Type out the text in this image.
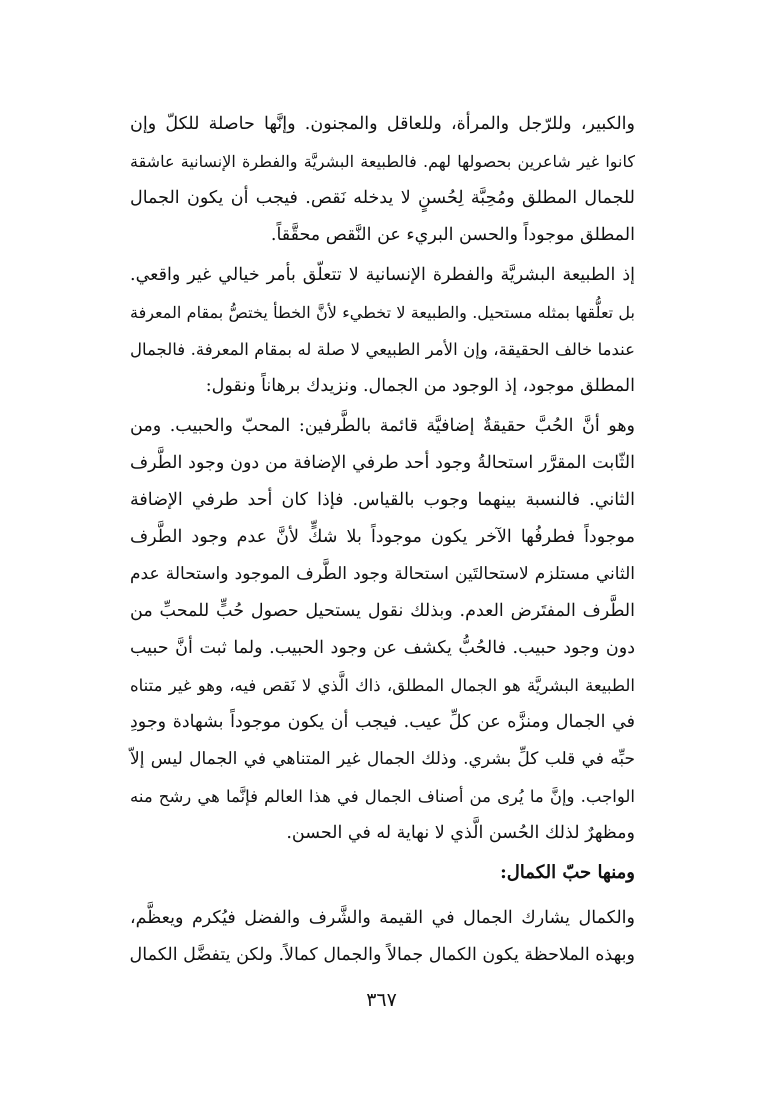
والكبير، وللرّجل والمرأة، وللعاقل والمجنون. وإنَّها حاصلة للكلّ وإن
كانوا غير شاعرين بحصولها لهم. فالطبيعة البشريَّة والفطرة الإنسانية عاشقة
للجمال المطلق ومُحِبَّة لِحُسنٍ لا يدخله نَقص. فيجب أن يكون الجمال
المطلق موجوداً والحسن البريء عن النَّقص محقَّقاً.
إذ الطبيعة البشريَّة والفطرة الإنسانية لا تتعلّق بأمر خيالي غير واقعي.
بل تعلُّقها بمثله مستحيل. والطبيعة لا تخطيء لأنَّ الخطأ يختصُّ بمقام المعرفة
عندما خالف الحقيقة، وإن الأمر الطبيعي لا صلة له بمقام المعرفة. فالجمال
المطلق موجود، إذ الوجود من الجمال. ونزيدك برهاناً ونقول:
وهو أنَّ الحُبَّ حقيقةٌ إضافيَّة قائمة بالطَّرفين: المحبّ والحبيب. ومن
الثّابت المقرَّر استحالةُ وجود أحد طرفي الإضافة من دون وجود الطَّرف
الثاني. فالنسبة بينهما وجوب بالقياس. فإذا كان أحد طرفي الإضافة
موجوداً فطرفُها الآخر يكون موجوداً بلا شكٍّ لأنَّ عدم وجود الطَّرف
الثاني مستلزم لاستحالتَين استحالة وجود الطَّرف الموجود واستحالة عدم
الطَّرف المفتَرض العدم. وبذلك نقول يستحيل حصول حُبٍّ للمحبِّ من
دون وجود حبيب. فالحُبُّ يكشف عن وجود الحبيب. ولما ثبت أنَّ حبيب
الطبيعة البشريَّة هو الجمال المطلق، ذاك الَّذي لا نَقص فيه، وهو غير متناه
في الجمال ومنزَّه عن كلِّ عيب. فيجب أن يكون موجوداً بشهادة وجودِ
حبِّه في قلب كلِّ بشري. وذلك الجمال غير المتناهي في الجمال ليس إلاّ
الواجب. وإنَّ ما يُرى من أصناف الجمال في هذا العالم فإنَّما هي رشح منه
ومظهرٌ لذلك الحُسن الَّذي لا نهاية له في الحسن.
ومنها حبّ الكمال:
والكمال يشارك الجمال في القيمة والشَّرف والفضل فيُكرم ويعظَّم،
وبهذه الملاحظة يكون الكمال جمالاً والجمال كمالاً. ولكن يتفضَّل الكمال
٣٦٧
